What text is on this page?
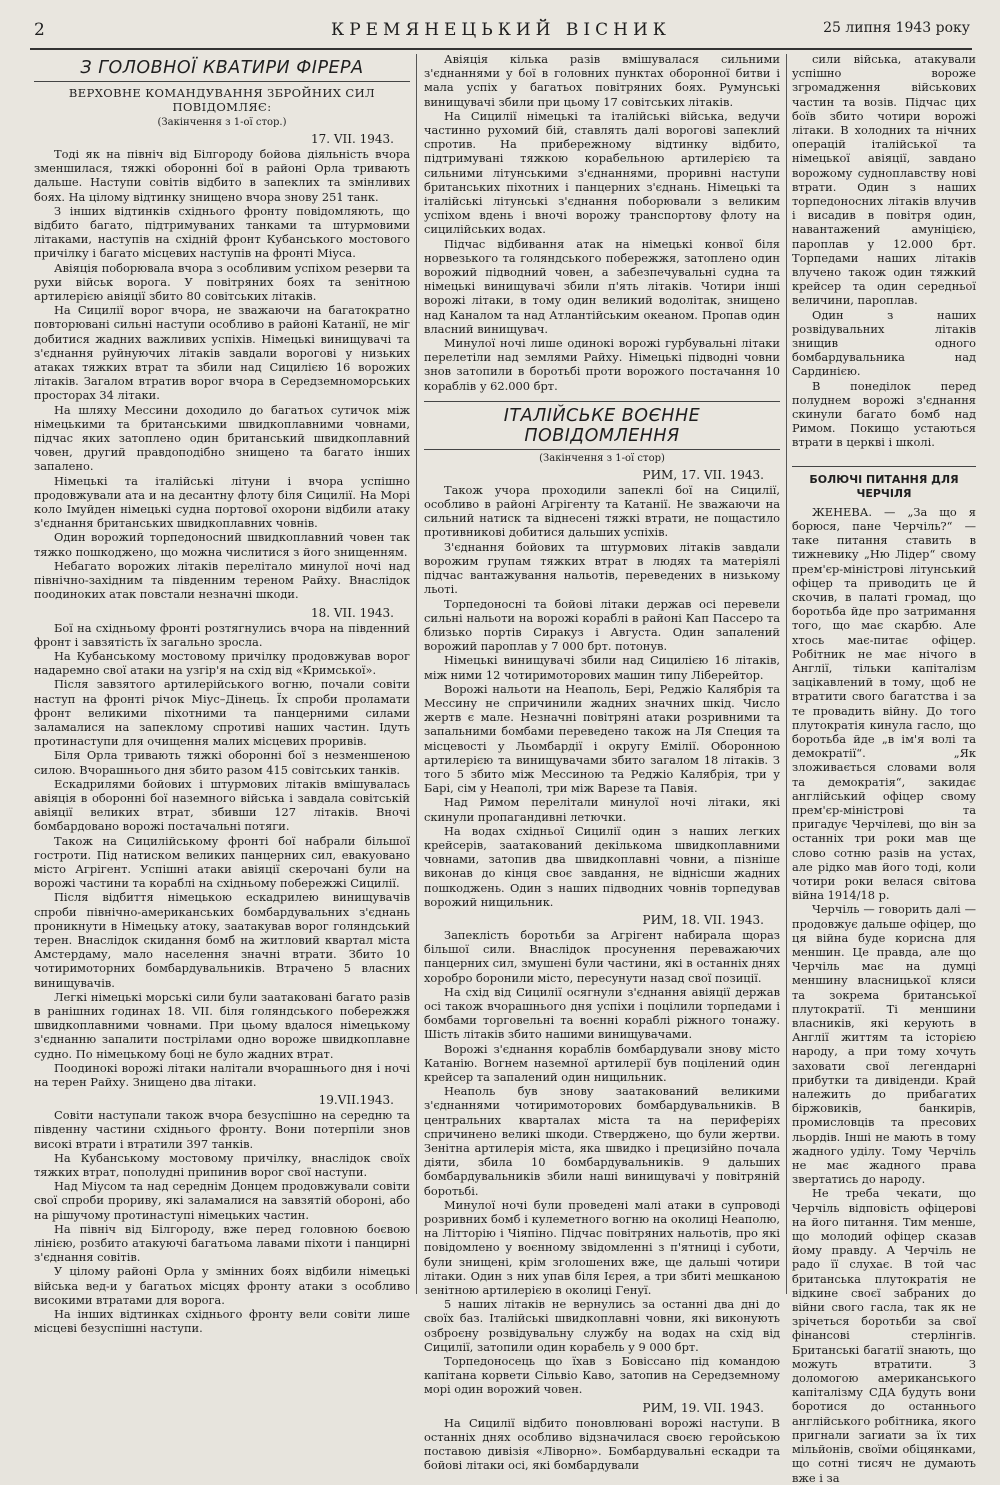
2	КРЕМЯНЕЦЬКИЙ ВІСНИК	25 липня 1943 року
З ГОЛОВНОЇ КВАТИРИ ФІРЕРА
ВЕРХОВНЕ КОМАНДУВАННЯ ЗБРОЙНИХ СИЛ ПОВІДОМЛЯЄ:
(Закінчення з 1-ої стор.)
17. VII. 1943.

Тоді як на північ від Білгороду бойова діяльність вчора зменшилася, тяжкі оборонні бої в районі Орла тривають дальше. Наступи совітів відбито в запеклих та змінливих боях. На цілому відтинку знищено вчора знову 251 танк.

З інших відтинків східнього фронту повідомляють, що відбито багато, підтримуваних танками та штурмовими літаками, наступів на східній фронт Кубанського мостового причілку і багато місцевих наступів на фронті Міуса.

Авіяція поборювала вчора з особливим успіхом резерви та рухи військ ворога. У повітряних боях та зенітною артилерією авіяції збито 80 совітських літаків.

На Сицилії ворог вчора, не зважаючи на багатократно повторювані сильні наступи особливо в районі Катанії, не міг добитися жадних важливих успіхів. Німецькі винищувачі та з'єднання руйнуючих літаків завдали ворогові у низьких атаках тяжких втрат та збили над Сицилією 16 ворожих літаків. Загалом втратив ворог вчора в Середземноморських просторах 34 літаки.

На шляху Мессини доходило до багатьох сутичок між німецькими та британськими швидкоплавними човнами, підчас яких затоплено один британський швидкоплавний човен, другий правдоподібно знищено та багато інших запалено.

Німецькі та італійські літуни і вчора успішно продовжували ата и на десантну флоту біля Сицилії. На Морі коло Імуйден німецькі судна портової охорони відбили атаку з'єднання британських швидкоплавних човнів.

Один ворожий торпедоносний швидкоплавний човен так тяжко пошкоджено, що можна числитися з його знищенням.

Небагато ворожих літаків перелітало минулої ночі над північно-західним та південним тереном Райху. Внаслідок поодиноких атак повстали незначні шкоди.

18. VII. 1943.

Бої на східньому фронті розтягнулись вчора на південний фронт і завзятість їх загально зросла.

На Кубанському мостовому причілку продовжував ворог надаремно свої атаки на узгір'я на схід від «Кримської».

Після завзятого артилерійського вогню, почали совіти наступ на фронті річок Міус–Дінець. Їх спроби проламати фронт великими піхотними та панцерними силами заламалися на запеклому спротиві наших частин. Ідуть протинаступи для очищення малих місцевих проривів.

Біля Орла тривають тяжкі оборонні бої з незменшеною силою. Вчорашнього дня збито разом 415 совітських танків.

Ескадрилями бойових і штурмових літаків вмішувалась авіяція в оборонні бої наземного війська і завдала совітській авіяції великих втрат, збивши 127 літаків. Вночі бомбардовано ворожі постачальні потяги.

Також на Сицилійському фронті бої набрали більшої гостроти. Під натиском великих панцерних сил, евакуовано місто Агрігент. Успішні атаки авіяції скерочані були на ворожі частини та кораблі на східньому побережжі Сицилії.

Після відбиття німецькою ескадрилею винищувачів спроби північно-американських бомбардувальних з'єднань проникнути в Німецьку атоку, заатакував ворог голяндський терен. Внаслідок скидання бомб на житловий квартал міста Амстердаму, мало населення значні втрати. Збито 10 чотиримоторних бомбардувальників. Втрачено 5 власних винищувачів.

Легкі німецькі морські сили були заатаковані багато разів в ранішних годинах 18. VII. біля голяндського побережжя швидкоплавними човнами. При цьому вдалося німецькому з'єднанню запалити пострілами одно вороже швидкоплавне судно. По німецькому боці не було жадних втрат.

Поодинокі ворожі літаки налітали вчорашнього дня і ночі на терен Райху. Знищено два літаки.

19.VII.1943.

Совіти наступали також вчора безуспішно на середню та південну частини східнього фронту. Вони потерпіли знов високі втрати і втратили 397 танків.

На Кубанському мостовому причілку, внаслідок своїх тяжких втрат, пополудні припинив ворог свої наступи.

Над Міусом та над середнім Донцем продовжували совіти свої спроби прориву, які заламалися на завзятій обороні, або на рішучому протинаступі німецьких частин.

На північ від Білгороду, вже перед головною боєвою лінією, розбито атакуючі багатьома лавами піхоти і панцирні з'єднання совітів.

У цілому районі Орла у змінних боях відбили німецькі війська вед-и у багатьох місцях фронту атаки з особливо високими втратами для ворога.

На інших відтинках східнього фронту вели совіти лише місцеві безуспішні наступи.

Авіяція кілька разів вмішувалася сильними з'єднаннями у бої в головних пунктах оборонної битви і мала успіх у багатьох повітряних боях. Румунські винищувачі збили при цьому 17 совітських літаків.

На Сицилії німецькі та італійські війська, ведучи частинно рухомий бій, ставлять далі ворогові запеклий спротив. На прибережному відтинку відбито, підтримувані тяжкою корабельною артилерією та сильними літунськими з'єднаннями, проривні наступи британських піхотних і панцерних з'єднань. Німецькі та італійські літунські з'єднання поборювали з великим успіхом вдень і вночі ворожу транспортову флоту на сицилійських водах.

Підчас відбивання атак на німецькі конвої біля норвезького та голяндського побережжя, затоплено один ворожий підводний човен, а забезпечувальні судна та німецькі винищувачі збили п'ять літаків. Чотири інші ворожі літаки, в тому один великий водолітак, знищено над Каналом та над Атлантійським океаном. Пропав один власний винищувач.

Минулої ночі лише одинокі ворожі гурбувальні літаки перелетіли над землями Райху. Німецькі підводні човни знов затопили в боротьбі проти ворожого постачання 10 кораблів у 62.000 брт.

ІТАЛІЙСЬКЕ ВОЄННЕ ПОВІДОМЛЕННЯ
(Закінчення з 1-ої стор)
РИМ, 17. VII. 1943.

Також учора проходили запеклі бої на Сицилії, особливо в районі Агрігенту та Катанії. Не зважаючи на сильний натиск та віднесені тяжкі втрати, не пощастило противникові добитися дальших успіхів.

З'єднання бойових та штурмових літаків завдали ворожим групам тяжких втрат в людях та матеріялі підчас вантажування нальотів, переведених в низькому льоті.

Торпедоносні та бойові літаки держав осі перевели сильні нальоти на ворожі кораблі в районі Кап Пассеро та близько портів Сиракуз і Августа. Один запалений ворожий пароплав у 7 000 брт. потонув.

Німецькі винищувачі збили над Сицилією 16 літаків, між ними 12 чотиримоторових машин типу Ліберейтор.

Ворожі нальоти на Неаполь, Бері, Реджіо Калябрія та Мессину не спричинили жадних значних шкід. Число жертв є мале. Незначні повітряні атаки розривними та запальними бомбами переведено також на Ля Специя та місцевості у Льомбардії і округу Емілії. Оборонною артилерією та винищувачами збито загалом 18 літаків. З того 5 збито між Мессиною та Реджіо Калябрія, три у Барі, сім у Неаполі, три між Варезе та Павія.

Над Римом перелітали минулої ночі літаки, які скинули пропагандивні летючки.

На водах східньої Сицилії один з наших легких крейсерів, заатакований декількома швидкоплавними човнами, затопив два швидкоплавні човни, а пізніше виконав до кінця своє завдання, не віднісши жадних пошкоджень. Один з наших підводних човнів торпедував ворожий нищильник.

РИМ, 18. VII. 1943.

Запеклість боротьби за Агрігент набирала щораз більшої сили. Внаслідок просунення переважаючих панцерних сил, змушені були частини, які в останніх днях хоробро боронили місто, пересунути назад свої позиції.

На схід від Сицилії осягнули з'єднання авіяції держав осі також вчорашнього дня успіхи і поцілили торпедами і бомбами торговельні та воєнні кораблі ріжного тонажу. Шість літаків збито нашими винищувачами.

Ворожі з'єднання кораблів бомбардували знову місто Катанію. Вогнем наземної артилерії був поцілений один крейсер та запалений один нищильник.

Неаполь був знову заатакований великими з'єднаннями чотиримоторових бомбардувальників. В центральних кварталах міста та на периферіях спричинено великі шкоди. Стверджено, що були жертви. Зенітна артилерія міста, яка швидко і прецизійно почала діяти, збила 10 бомбардувальників. 9 дальших бомбардувальників збили наші винищувачі у повітряній боротьбі.

Минулої ночі були проведені малі атаки в супроводі розривних бомб і кулеметного вогню на околиці Неаполю, на Літторію і Чіяпіно. Підчас повітряних нальотів, про які повідомлено у воєнному звідомленні з п'ятниці і суботи, були знищені, крім зголошених вже, ще дальші чотири літаки. Один з них упав біля Ієрея, а три збиті мешканою зенітною артилерією в околиці Генуї.

5 наших літаків не вернулись за останні два дні до своїх баз. Італійські швидкоплавні човни, які виконують озброєну розвідувальну службу на водах на схід від Сицилії, затопили один корабель у 9 000 брт.

Торпедоносець що їхав з Бовіссано під командою капітана корвети Сільвіо Каво, затопив на Середземному морі один ворожий човен.

РИМ, 19. VII. 1943.

На Сицилії відбито поновлювані ворожі наступи. В останніх днях особливо відзначилася своєю геройською поставою дивізія «Ліворно». Бомбардувальні ескадри та бойові літаки осі, які бомбардували

сили війська, атакували успішно вороже згромадження військових частин та возів. Підчас цих боїв збито чотири ворожі літаки. В холодних та нічних операцій італійської та німецької авіяції, завдано ворожому судноплавству нові втрати. Один з наших торпедоносних літаків влучив і висадив в повітря один, навантажений амуніцією, пароплав у 12.000 брт. Торпедами наших літаків влучено також один тяжкий крейсер та один середньої величини, пароплав.

Один з наших розвідувальних літаків знищив одного бомбардувальника над Сардинією.

В понеділок перед полуднем ворожі з'єднання скинули багато бомб над Римом. Покищо устаються втрати в церкві і школі.

БОЛЮЧІ ПИТАННЯ ДЛЯ ЧЕРЧІЛЯ

ЖЕНЕВА. — „За що я борюся, пане Черчіль?“ — таке питання ставить в тижневику „Ню Лідер“ свому прем'єр-міністрові літунський офіцер та приводить це й скочив, в палаті громад, що боротьба йде про затримання того, що має скарбю. Але хтось має-питає офіцер. Робітник не має нічого в Англії, тільки капіталізм зацікавлений в тому, щоб не втратити свого багатства і за те провадить війну. До того плутократія кинула гасло, що боротьба йде „в ім'я волі та демократії“. „Як зложивається словами воля та демократія“, закидає англійський офіцер свому прем'єр-міністрові та пригадує Черчілеві, що він за останніх три роки мав ще слово сотню разів на устах, але рідко мав його тоді, коли чотири роки велася світова війна 1914/18 р.

Черчіль — говорить далі — продовжує дальше офіцер, що ця війна буде корисна для меншин. Це правда, але що Черчіль має на думці меншину власницької кляси та зокрема британської плутократії. Ті меншини власників, які керують в Англії життям та історією народу, а при тому хочуть заховати свої легендарні прибутки та дивіденди. Край належить до прибагатих біржовиків, банкирів, промисловців та пресових льордів. Інші не мають в тому жадного уділу. Тому Черчіль не має жадного права звертатись до народу.

Не треба чекати, що Черчіль відповість офіцерові на його питання. Тим менше, що молодий офіцер сказав йому правду. А Черчіль не радо її слухає. В той час британська плутократія не відкине своєї забраних до війни свого гасла, так як не зрічеться боротьби за свої фінансові стерлінгів. Британські багатії знають, що можуть втратити. З доломогою американського капіталізму СДА будуть вони боротися до останнього англійського робітника, якого пригнали загиати за їх тих мільйонів, своїми обіцянками, що сотні тисяч не думають вже і за
